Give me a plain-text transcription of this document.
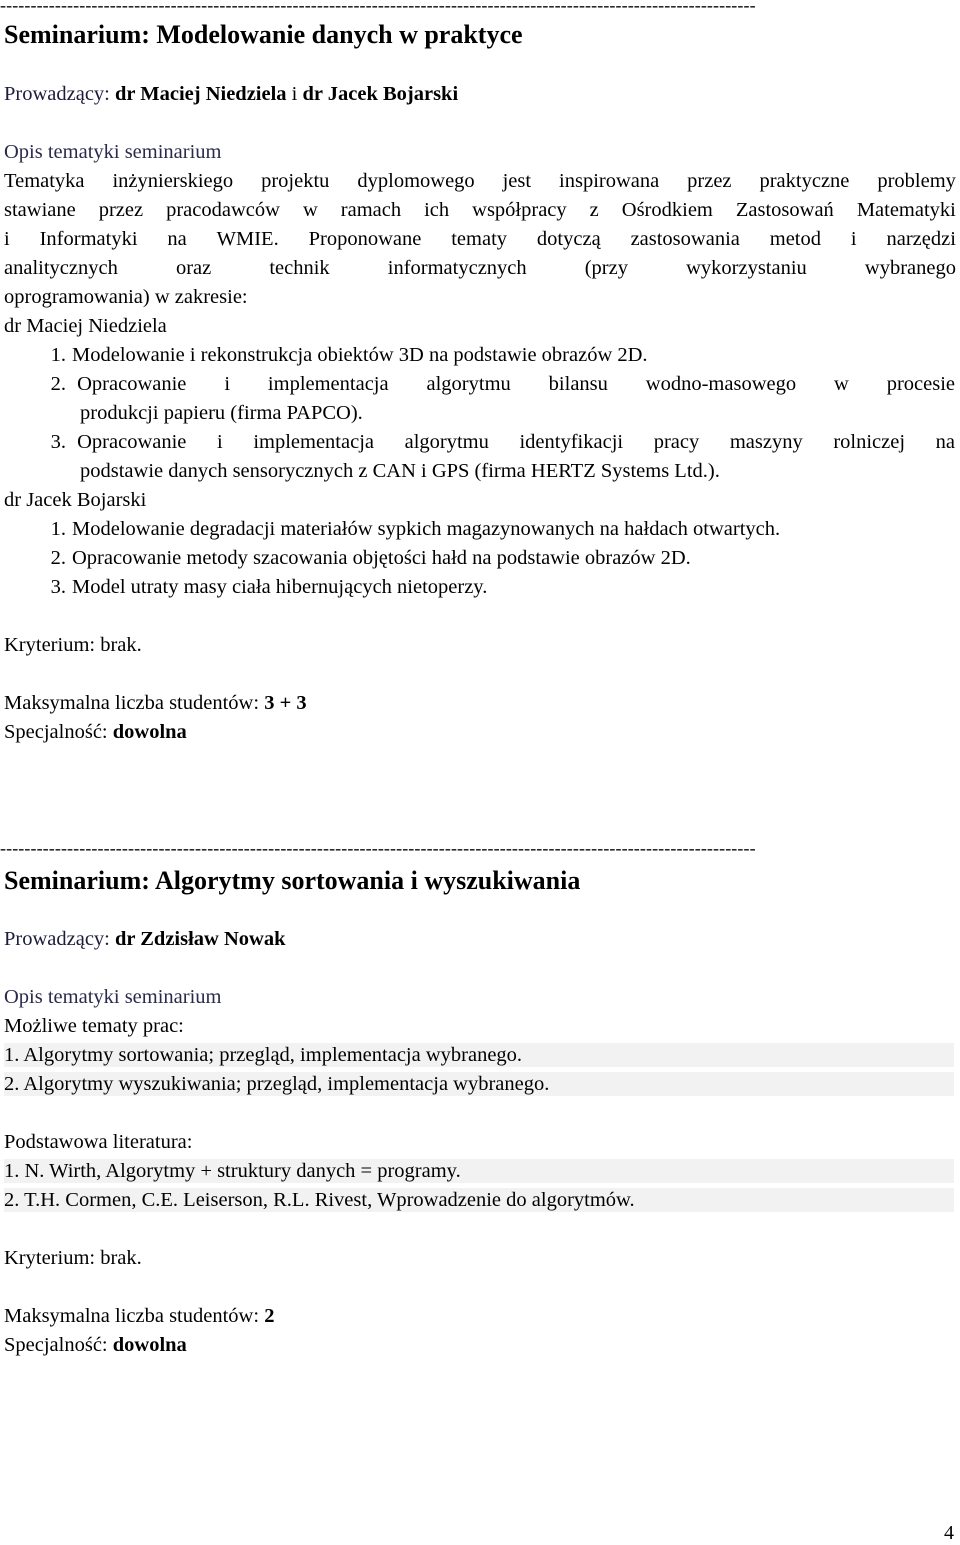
----------------------------------------------------------------------------------------------------------------------------
Seminarium: Modelowanie danych w praktyce
Prowadzący: dr Maciej Niedziela i dr Jacek Bojarski
Opis tematyki seminarium
Tematyka inżynierskiego projektu dyplomowego jest inspirowana przez praktyczne problemy
stawiane przez pracodawców w ramach ich współpracy z Ośrodkiem Zastosowań Matematyki
i Informatyki na WMIE. Proponowane tematy dotyczą zastosowania metod i narzędzi
analitycznych	oraz	technik	informatycznych	(przy	wykorzystaniu	wybranego
oprogramowania) w zakresie:
dr Maciej Niedziela
1. Modelowanie i rekonstrukcja obiektów 3D na podstawie obrazów 2D.
2. Opracowanie i implementacja algorytmu bilansu wodno-masowego w procesie
produkcji papieru (firma PAPCO).
3. Opracowanie i implementacja algorytmu identyfikacji pracy maszyny rolniczej na
podstawie danych sensorycznych z CAN i GPS (firma HERTZ Systems Ltd.).
dr Jacek Bojarski
1. Modelowanie degradacji materiałów sypkich magazynowanych na hałdach otwartych.
2. Opracowanie metody szacowania objętości hałd na podstawie obrazów 2D.
3. Model utraty masy ciała hibernujących nietoperzy.
Kryterium: brak.
Maksymalna liczba studentów: 3 + 3
Specjalność: dowolna
----------------------------------------------------------------------------------------------------------------------------
Seminarium: Algorytmy sortowania i wyszukiwania
Prowadzący: dr Zdzisław Nowak
Opis tematyki seminarium
Możliwe tematy prac:
1. Algorytmy sortowania; przegląd, implementacja wybranego.
2. Algorytmy wyszukiwania; przegląd, implementacja wybranego.
Podstawowa literatura:
1. N. Wirth, Algorytmy + struktury danych = programy.
2. T.H. Cormen, C.E. Leiserson, R.L. Rivest, Wprowadzenie do algorytmów.
Kryterium: brak.
Maksymalna liczba studentów: 2
Specjalność: dowolna
4
